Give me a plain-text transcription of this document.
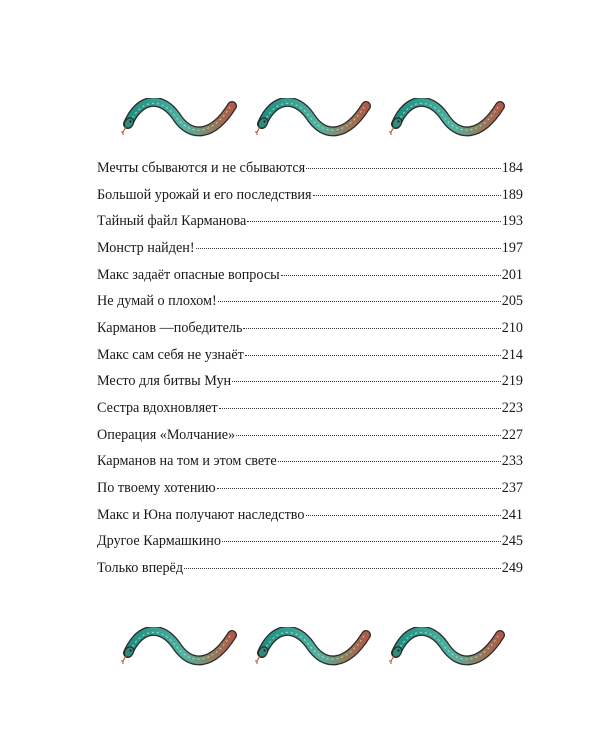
Мечты сбываются и не сбываются	184
Большой урожай и его последствия	189
Тайный файл Карманова	193
Монстр найден!	197
Макс задаёт опасные вопросы	201
Не думай о плохом!	205
Карманов —победитель	210
Макс сам себя не узнаёт	214
Место для битвы Мун	219
Сестра вдохновляет	223
Операция «Молчание»	227
Карманов на том и этом свете	233
По твоему хотению	237
Макс и Юна получают наследство	241
Другое Кармашкино	245
Только вперёд	249
